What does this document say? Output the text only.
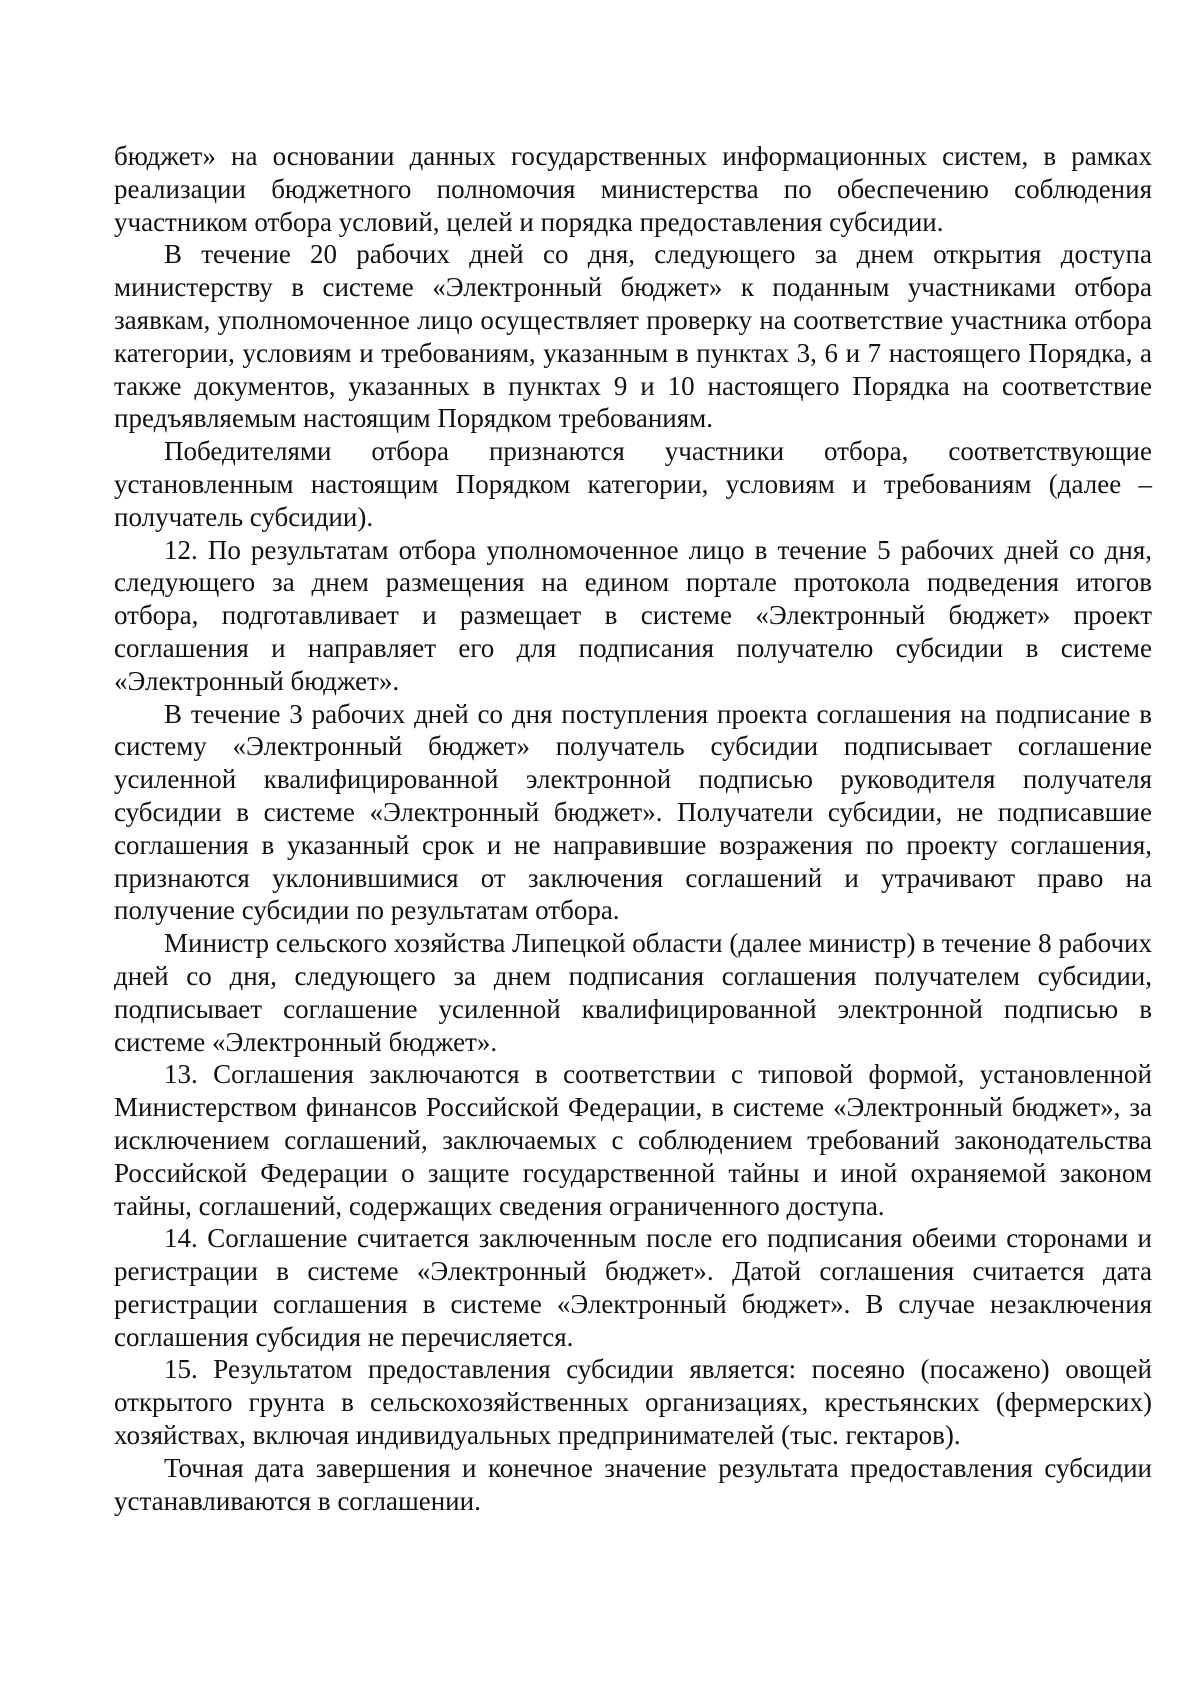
бюджет» на основании данных государственных информационных систем, в рамках реализации бюджетного полномочия министерства по обеспечению соблюдения участником отбора условий, целей и порядка предоставления субсидии.

В течение 20 рабочих дней со дня, следующего за днем открытия доступа министерству в системе «Электронный бюджет» к поданным участниками отбора заявкам, уполномоченное лицо осуществляет проверку на соответствие участника отбора категории, условиям и требованиям, указанным в пунктах 3, 6 и 7 настоящего Порядка, а также документов, указанных в пунктах 9 и 10 настоящего Порядка на соответствие предъявляемым настоящим Порядком требованиям.

Победителями отбора признаются участники отбора, соответствующие установленным настоящим Порядком категории, условиям и требованиям (далее – получатель субсидии).

12. По результатам отбора уполномоченное лицо в течение 5 рабочих дней со дня, следующего за днем размещения на едином портале протокола подведения итогов отбора, подготавливает и размещает в системе «Электронный бюджет» проект соглашения и направляет его для подписания получателю субсидии в системе «Электронный бюджет».

В течение 3 рабочих дней со дня поступления проекта соглашения на подписание в систему «Электронный бюджет» получатель субсидии подписывает соглашение усиленной квалифицированной электронной подписью руководителя получателя субсидии в системе «Электронный бюджет». Получатели субсидии, не подписавшие соглашения в указанный срок и не направившие возражения по проекту соглашения, признаются уклонившимися от заключения соглашений и утрачивают право на получение субсидии по результатам отбора.

Министр сельского хозяйства Липецкой области (далее министр) в течение 8 рабочих дней со дня, следующего за днем подписания соглашения получателем субсидии, подписывает соглашение усиленной квалифицированной электронной подписью в системе «Электронный бюджет».

13. Соглашения заключаются в соответствии с типовой формой, установленной Министерством финансов Российской Федерации, в системе «Электронный бюджет», за исключением соглашений, заключаемых с соблюдением требований законодательства Российской Федерации о защите государственной тайны и иной охраняемой законом тайны, соглашений, содержащих сведения ограниченного доступа.

14. Соглашение считается заключенным после его подписания обеими сторонами и регистрации в системе «Электронный бюджет». Датой соглашения считается дата регистрации соглашения в системе «Электронный бюджет». В случае незаключения соглашения субсидия не перечисляется.

15. Результатом предоставления субсидии является: посеяно (посажено) овощей открытого грунта в сельскохозяйственных организациях, крестьянских (фермерских) хозяйствах, включая индивидуальных предпринимателей (тыс. гектаров).

Точная дата завершения и конечное значение результата предоставления субсидии устанавливаются в соглашении.
